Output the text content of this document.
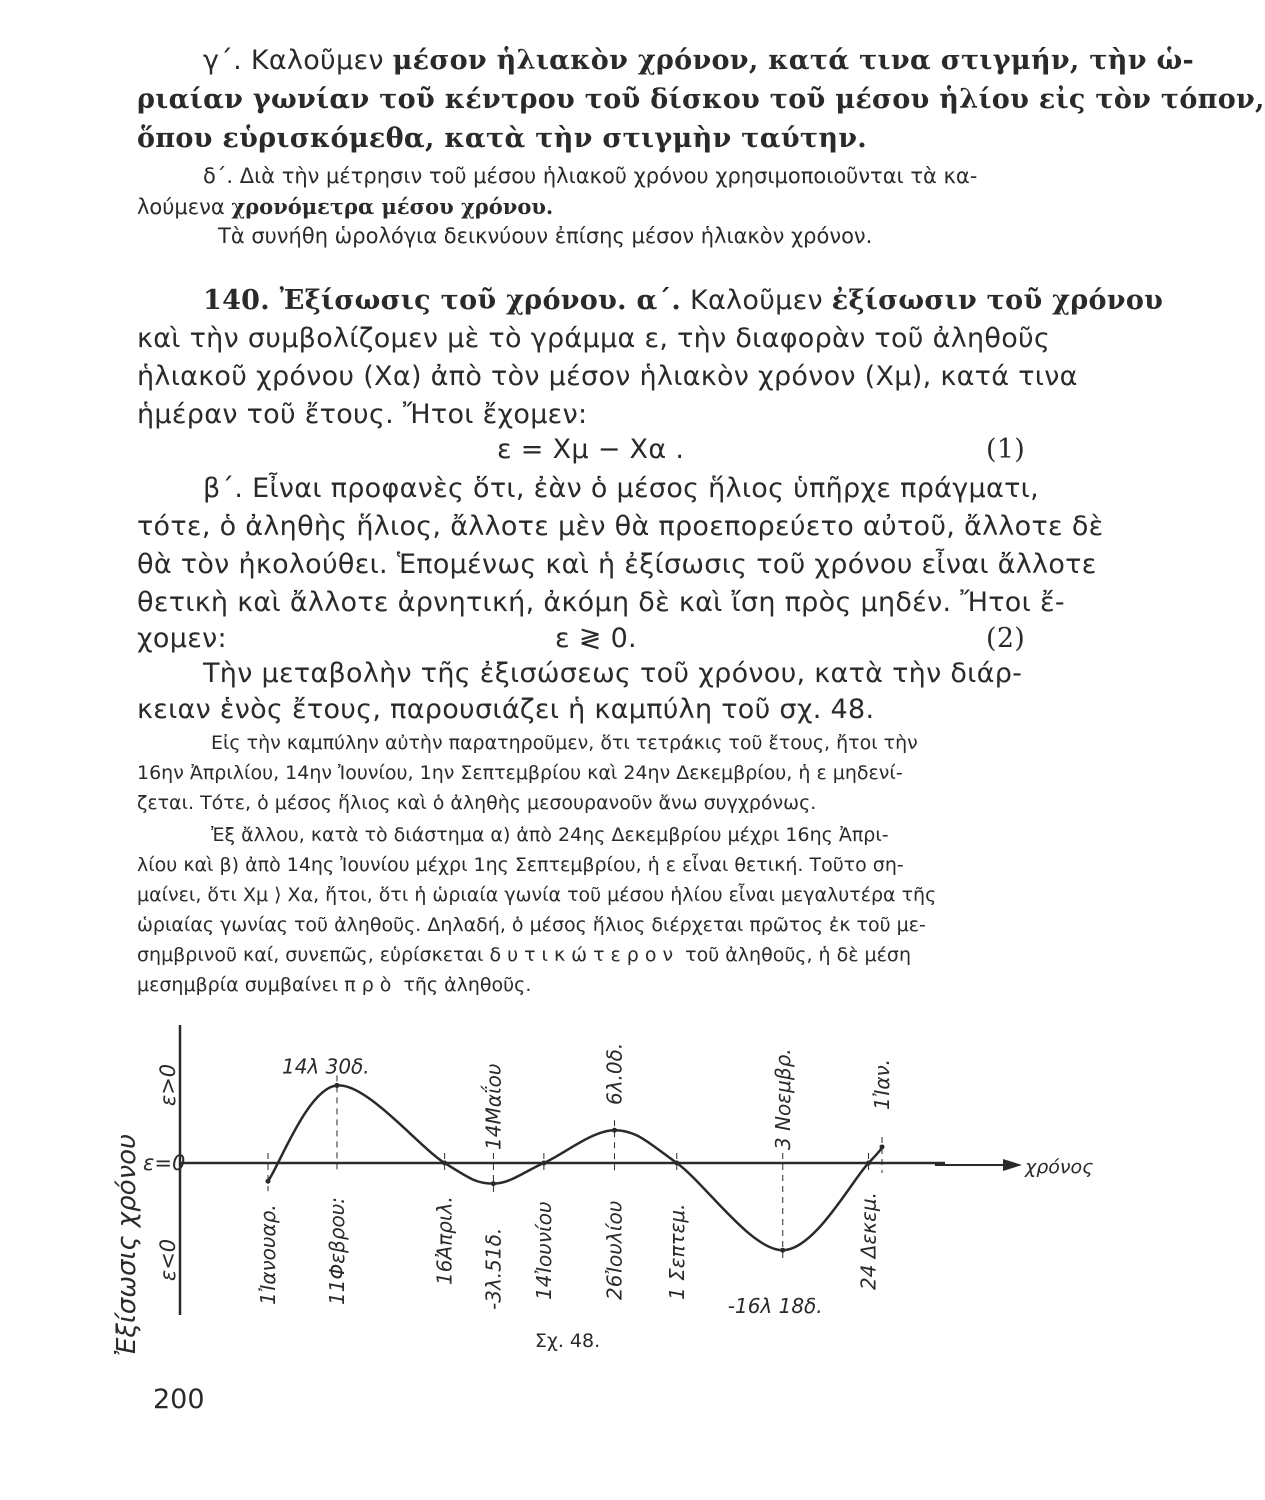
γ΄. Καλοῦμεν μέσον ἡλιακὸν χρόνον, κατά τινα στιγμήν, τὴν ὡ-
ριαίαν γωνίαν τοῦ κέντρου τοῦ δίσκου τοῦ μέσου ἡλίου εἰς τὸν τόπον,
ὅπου εὑρισκόμεθα, κατὰ τὴν στιγμὴν ταύτην.
δ΄. Διὰ τὴν μέτρησιν τοῦ μέσου ἡλιακοῦ χρόνου χρησιμοποιοῦνται τὰ κα-
λούμενα χρονόμετρα μέσου χρόνου.
Τὰ συνήθη ὡρολόγια δεικνύουν ἐπίσης μέσον ἡλιακὸν χρόνον.
140. Ἐξίσωσις τοῦ χρόνου. α΄. Καλοῦμεν ἐξίσωσιν τοῦ χρόνου
καὶ τὴν συμβολίζομεν μὲ τὸ γράμμα ε, τὴν διαφορὰν τοῦ ἀληθοῦς
ἡλιακοῦ χρόνου (Χα) ἀπὸ τὸν μέσον ἡλιακὸν χρόνον (Χμ), κατά τινα
ἡμέραν τοῦ ἔτους. Ἤτοι ἔχομεν:
ε = Χμ − Χα .	(1)
β΄. Εἶναι προφανὲς ὅτι, ἐὰν ὁ μέσος ἥλιος ὑπῆρχε πράγματι,
τότε, ὁ ἀληθὴς ἥλιος, ἄλλοτε μὲν θὰ προεπορεύετο αὐτοῦ, ἄλλοτε δὲ
θὰ τὸν ἠκολούθει. Ἑπομένως καὶ ἡ ἐξίσωσις τοῦ χρόνου εἶναι ἄλλοτε
θετικὴ καὶ ἄλλοτε ἀρνητική, ἀκόμη δὲ καὶ ἴση πρὸς μηδέν. Ἤτοι ἔ-
χομεν:	ε ≷ 0.	(2)
Τὴν μεταβολὴν τῆς ἐξισώσεως τοῦ χρόνου, κατὰ τὴν διάρ-
κειαν ἑνὸς ἔτους, παρουσιάζει ἡ καμπύλη τοῦ σχ. 48.
Εἰς τὴν καμπύλην αὐτὴν παρατηροῦμεν, ὅτι τετράκις τοῦ ἔτους, ἤτοι τὴν
16ην Ἀπριλίου, 14ην Ἰουνίου, 1ην Σεπτεμβρίου καὶ 24ην Δεκεμβρίου, ἡ ε μηδενί-
ζεται. Τότε, ὁ μέσος ἥλιος καὶ ὁ ἀληθὴς μεσουρανοῦν ἄνω συγχρόνως.
Ἐξ ἄλλου, κατὰ τὸ διάστημα α) ἀπὸ 24ης Δεκεμβρίου μέχρι 16ης Ἀπρι-
λίου καὶ β) ἀπὸ 14ης Ἰουνίου μέχρι 1ης Σεπτεμβρίου, ἡ ε εἶναι θετική. Τοῦτο ση-
μαίνει, ὅτι Χμ ⟩ Χα, ἤτοι, ὅτι ἡ ὡριαία γωνία τοῦ μέσου ἡλίου εἶναι μεγαλυτέρα τῆς
ὡριαίας γωνίας τοῦ ἀληθοῦς. Δηλαδή, ὁ μέσος ἥλιος διέρχεται πρῶτος ἐκ τοῦ με-
σημβρινοῦ καί, συνεπῶς, εὑρίσκεται δυτικώτερον τοῦ ἀληθοῦς, ἡ δὲ μέση
μεσημβρία συμβαίνει πρὸ τῆς ἀληθοῦς.
Ἐξίσωσις χρόνου
ε>0
ε=0
ε<0
χρόνος
1Ἰανουαρ. 11Φεβρου:	16Ἀπριλ.
14Μαΐου
14Ἰουνίου 26Ἰουλίου 1 Σεπτεμ.
3 Νοεμβρ.
24 Δεκεμ.
1Ἰαν.
14λ 30δ.
-3λ.51δ.
6λ.0δ.
-16λ 18δ.
Σχ. 48.
200
